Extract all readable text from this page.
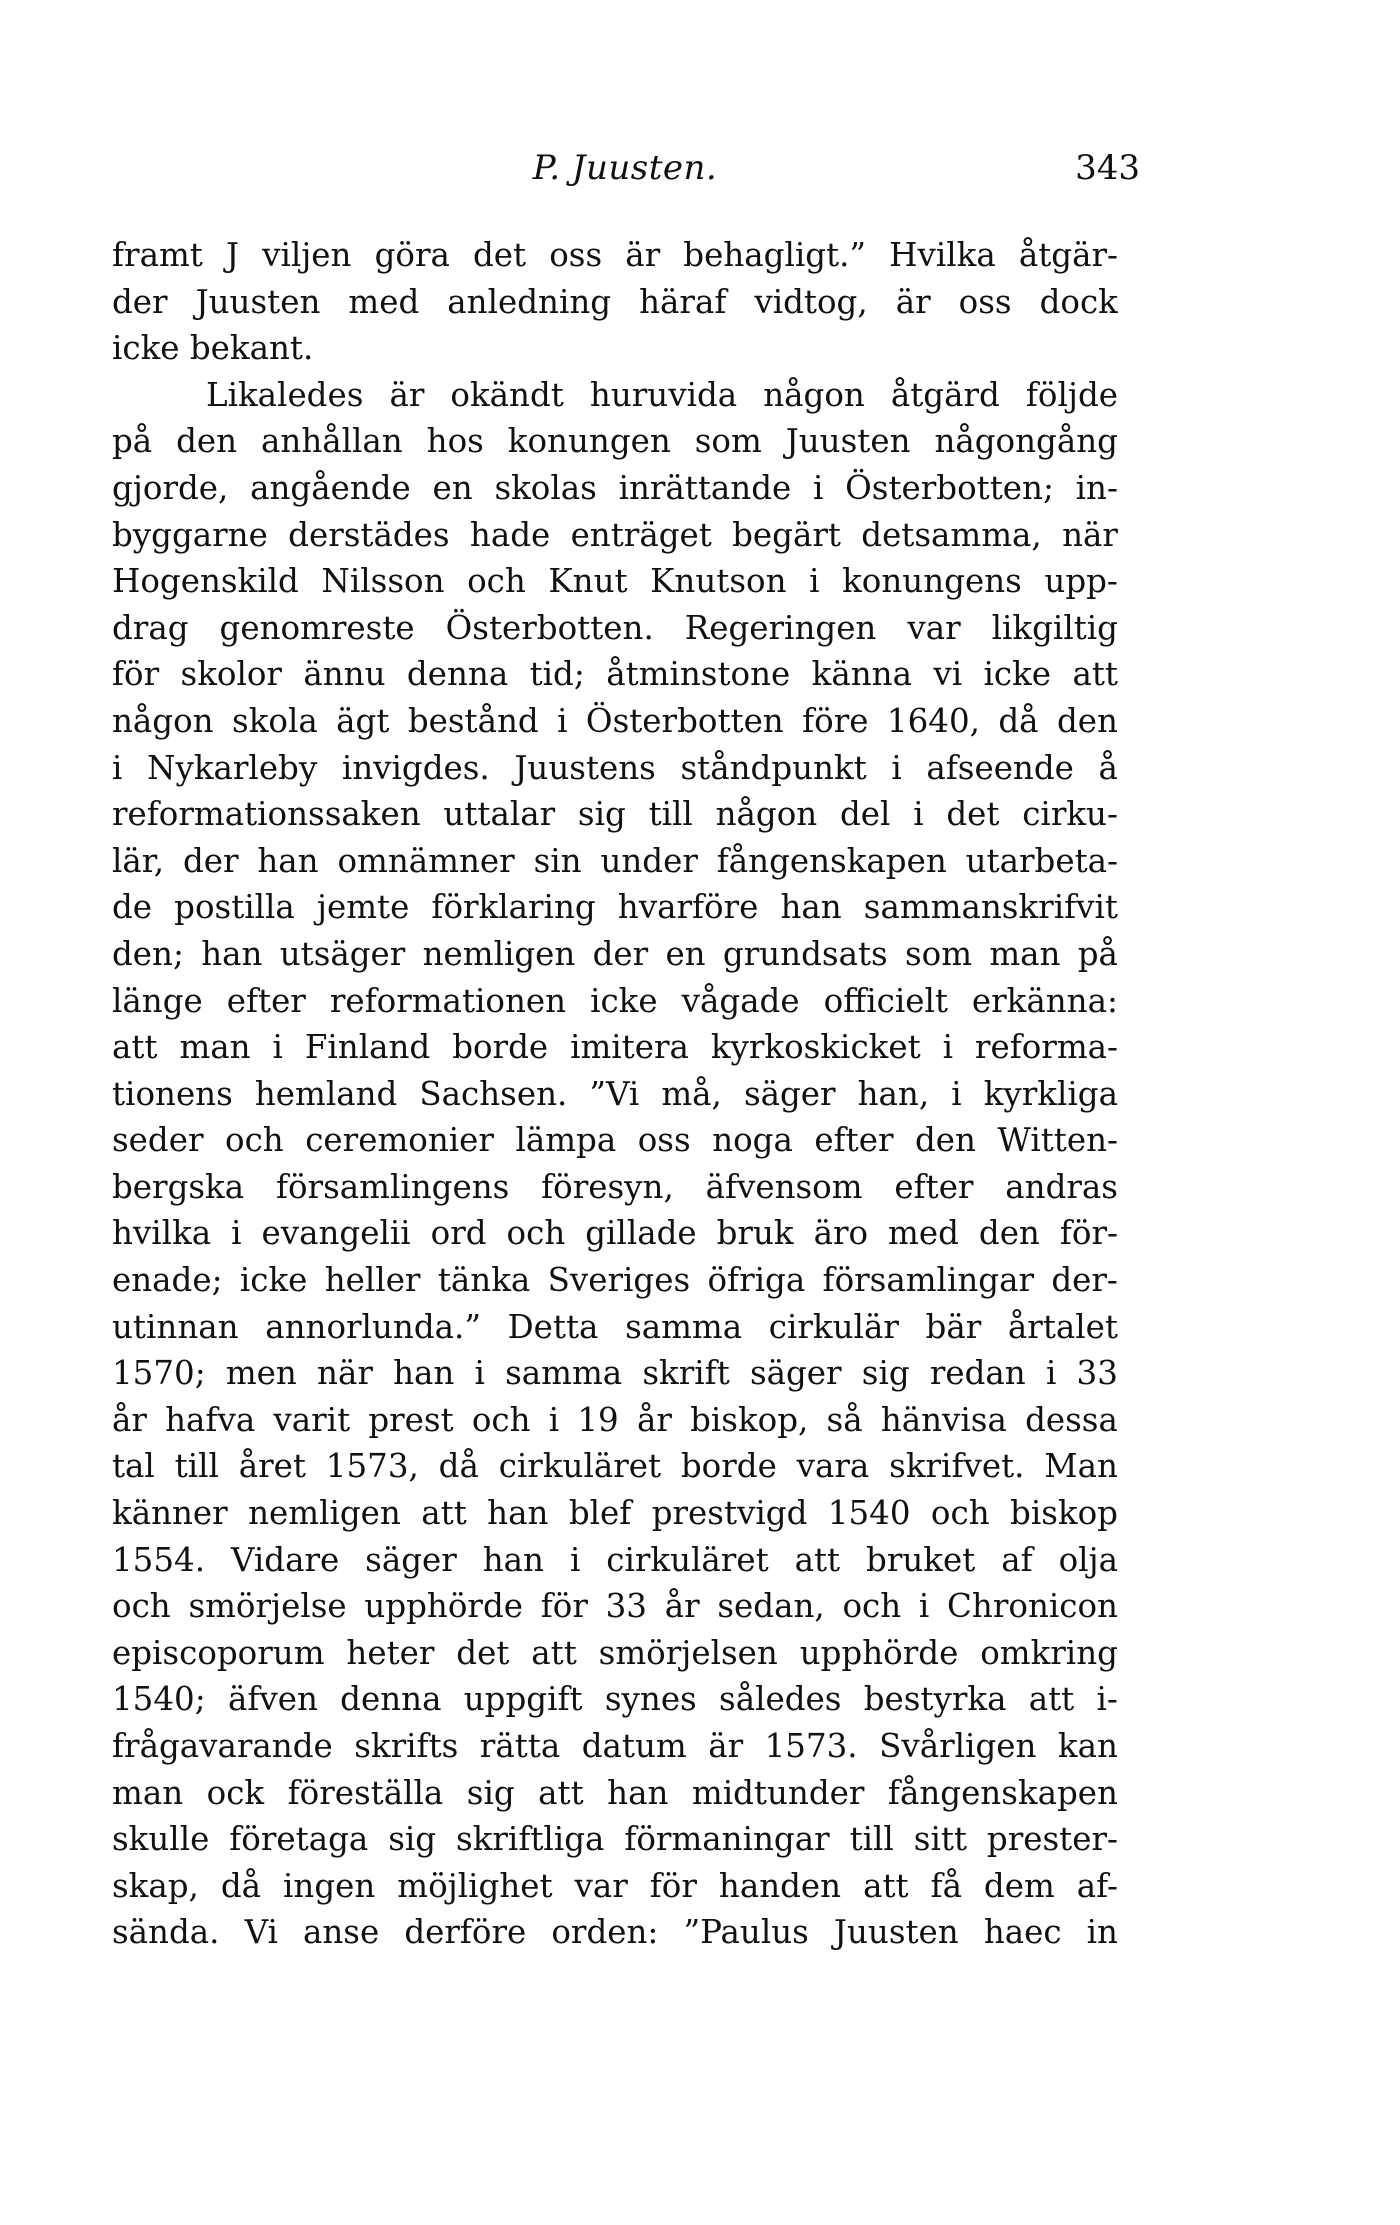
P. Juusten.	343
framt J viljen göra det oss är behagligt.” Hvilka åtgär-
der Juusten med anledning häraf vidtog, är oss dock
icke bekant.
Likaledes är okändt huruvida någon åtgärd följde
på den anhållan hos konungen som Juusten någongång
gjorde, angående en skolas inrättande i Österbotten; in-
byggarne derstädes hade enträget begärt detsamma, när
Hogenskild Nilsson och Knut Knutson i konungens upp-
drag genomreste Österbotten. Regeringen var likgiltig
för skolor ännu denna tid; åtminstone känna vi icke att
någon skola ägt bestånd i Österbotten före 1640, då den
i Nykarleby invigdes. Juustens ståndpunkt i afseende å
reformationssaken uttalar sig till någon del i det cirku-
lär, der han omnämner sin under fångenskapen utarbeta-
de postilla jemte förklaring hvarföre han sammanskrifvit
den; han utsäger nemligen der en grundsats som man på
länge efter reformationen icke vågade officielt erkänna:
att man i Finland borde imitera kyrkoskicket i reforma-
tionens hemland Sachsen. ”Vi må, säger han, i kyrkliga
seder och ceremonier lämpa oss noga efter den Witten-
bergska församlingens föresyn, äfvensom efter andras
hvilka i evangelii ord och gillade bruk äro med den för-
enade; icke heller tänka Sveriges öfriga församlingar der-
utinnan annorlunda.” Detta samma cirkulär bär årtalet
1570; men när han i samma skrift säger sig redan i 33
år hafva varit prest och i 19 år biskop, så hänvisa dessa
tal till året 1573, då cirkuläret borde vara skrifvet. Man
känner nemligen att han blef prestvigd 1540 och biskop
1554. Vidare säger han i cirkuläret att bruket af olja
och smörjelse upphörde för 33 år sedan, och i Chronicon
episcoporum heter det att smörjelsen upphörde omkring
1540; äfven denna uppgift synes således bestyrka att i-
frågavarande skrifts rätta datum är 1573. Svårligen kan
man ock föreställa sig att han midtunder fångenskapen
skulle företaga sig skriftliga förmaningar till sitt prester-
skap, då ingen möjlighet var för handen att få dem af-
sända. Vi anse derföre orden: ”Paulus Juusten haec in
